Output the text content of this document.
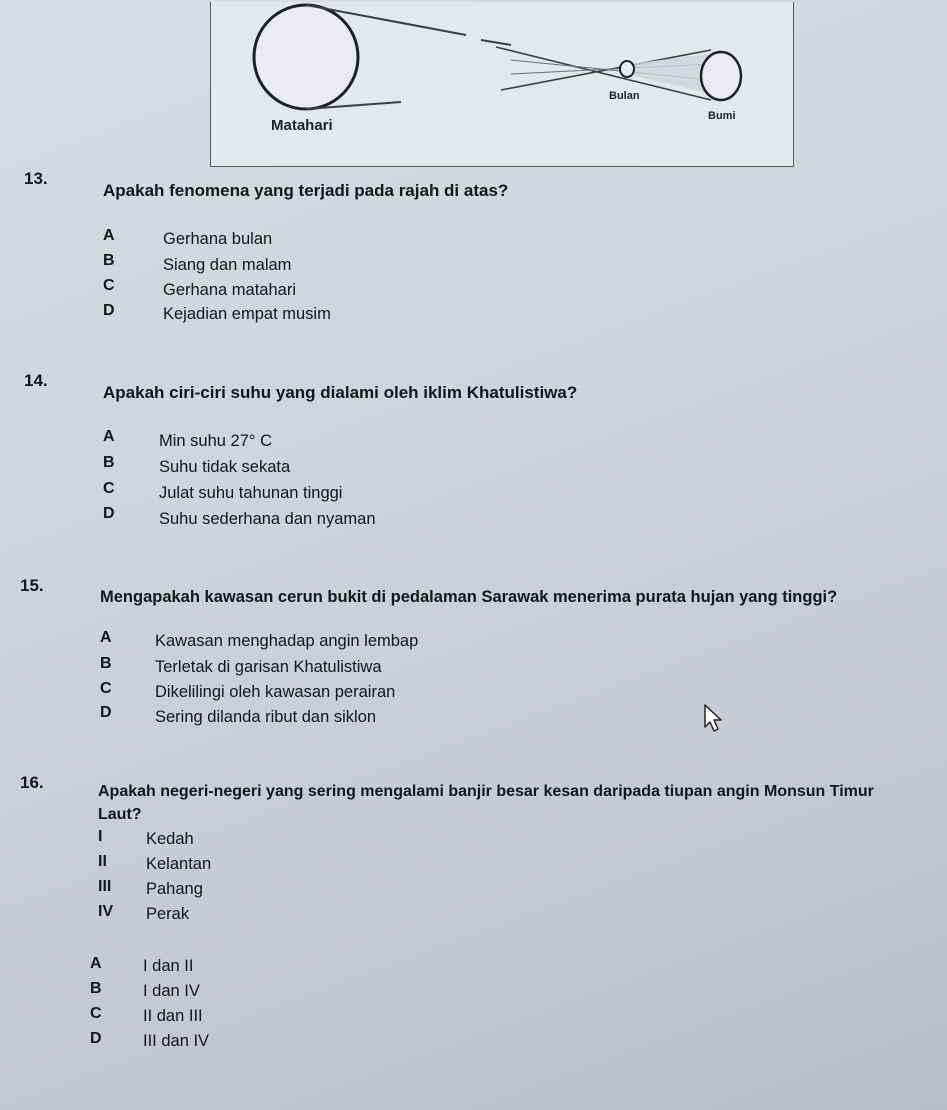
Matahari
Bulan
Bumi
13.
Apakah fenomena yang terjadi pada rajah di atas?
A	Gerhana bulan
B	Siang dan malam
C	Gerhana matahari
D	Kejadian empat musim
14.
Apakah ciri-ciri suhu yang dialami oleh iklim Khatulistiwa?
A	Min suhu 27° C
B	Suhu tidak sekata
C	Julat suhu tahunan tinggi
D	Suhu sederhana dan nyaman
15.
Mengapakah kawasan cerun bukit di pedalaman Sarawak menerima purata hujan yang tinggi?
A	Kawasan menghadap angin lembap
B	Terletak di garisan Khatulistiwa
C	Dikelilingi oleh kawasan perairan
D	Sering dilanda ribut dan siklon
16.	Apakah negeri-negeri yang sering mengalami banjir besar kesan daripada tiupan angin Monsun Timur
Laut?
I	Kedah
II Kelantan
III Pahang
IV Perak
A	I dan II
B	I dan IV
C	II dan III
D	III dan IV
